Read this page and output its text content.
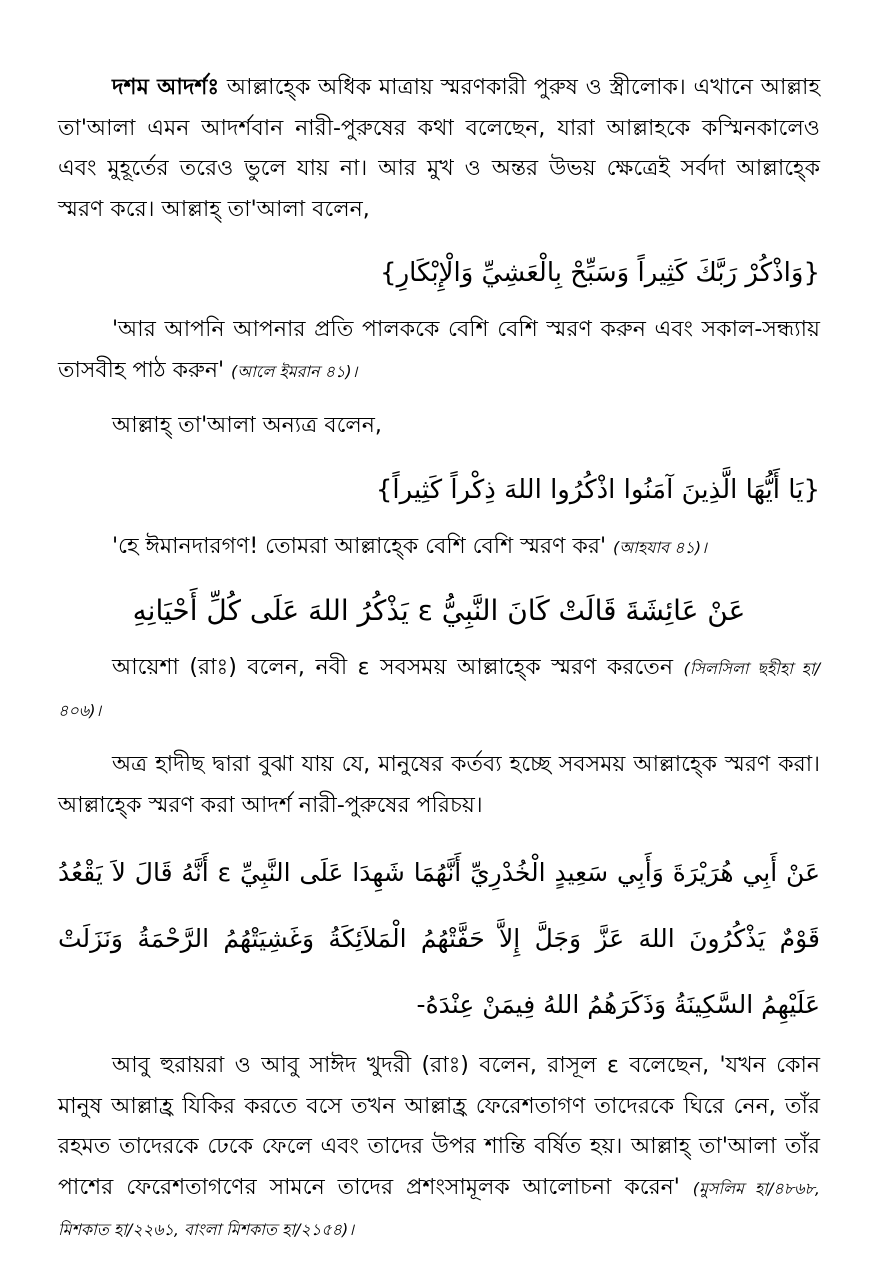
দশম আদর্শঃ আল্লাহ্কে অধিক মাত্রায় স্মরণকারী পুরুষ ও স্ত্রীলোক। এখানে আল্লাহ তা'আলা এমন আদর্শবান নারী-পুরুষের কথা বলেছেন, যারা আল্লাহকে কস্মিনকালেও এবং মুহূর্তের তরেও ভুলে যায় না। আর মুখ ও অন্তর উভয় ক্ষেত্রেই সর্বদা আল্লাহ্কে স্মরণ করে। আল্লাহ্ তা'আলা বলেন,

{وَاذْكُرْ رَبَّكَ كَثِيراً وَسَبِّحْ بِالْعَشِيِّ وَالْإِبْكَارِ}

'আর আপনি আপনার প্রতি পালককে বেশি বেশি স্মরণ করুন এবং সকাল-সন্ধ্যায় তাসবীহ পাঠ করুন' (আলে ইমরান ৪১)।

আল্লাহ্ তা'আলা অন্যত্র বলেন,

{يَا أَيُّهَا الَّذِينَ آمَنُوا اذْكُرُوا اللهَ ذِكْراً كَثِيراً}

'হে ঈমানদারগণ! তোমরা আল্লাহ্কে বেশি বেশি স্মরণ কর' (আহযাব ৪১)।

عَنْ عَائِشَةَ قَالَتْ كَانَ النَّبِيُّ ε يَذْكُرُ اللهَ عَلَى كُلِّ أَحْيَانِهِ

আয়েশা (রাঃ) বলেন, নবী ε সবসময় আল্লাহ্কে স্মরণ করতেন (সিলসিলা ছহীহা হা/৪০৬)।

অত্র হাদীছ দ্বারা বুঝা যায় যে, মানুষের কর্তব্য হচ্ছে সবসময় আল্লাহ্কে স্মরণ করা। আল্লাহ্কে স্মরণ করা আদর্শ নারী-পুরুষের পরিচয়।

عَنْ أَبِي هُرَيْرَةَ وَأَبِي سَعِيدٍ الْخُدْرِيِّ أَنَّهُمَا شَهِدَا عَلَى النَّبِيِّ ε أَنَّهُ قَالَ لاَ يَقْعُدُ قَوْمٌ يَذْكُرُونَ اللهَ عَزَّ وَجَلَّ إِلاَّ حَفَّتْهُمُ الْمَلاَئِكَةُ وَغَشِيَتْهُمُ الرَّحْمَةُ وَنَزَلَتْ عَلَيْهِمُ السَّكِينَةُ وَذَكَرَهُمُ اللهُ فِيمَنْ عِنْدَهُ-

আবু হুরায়রা ও আবু সাঈদ খুদরী (রাঃ) বলেন, রাসূল ε বলেছেন, 'যখন কোন মানুষ আল্লাহ্র যিকির করতে বসে তখন আল্লাহ্র ফেরেশতাগণ তাদেরকে ঘিরে নেন, তাঁর রহমত তাদেরকে ঢেকে ফেলে এবং তাদের উপর শান্তি বর্ষিত হয়। আল্লাহ্ তা'আলা তাঁর পাশের ফেরেশতাগণের সামনে তাদের প্রশংসামূলক আলোচনা করেন' (মুসলিম হা/৪৮৬৮, মিশকাত হা/২২৬১, বাংলা মিশকাত হা/২১৫৪)।
